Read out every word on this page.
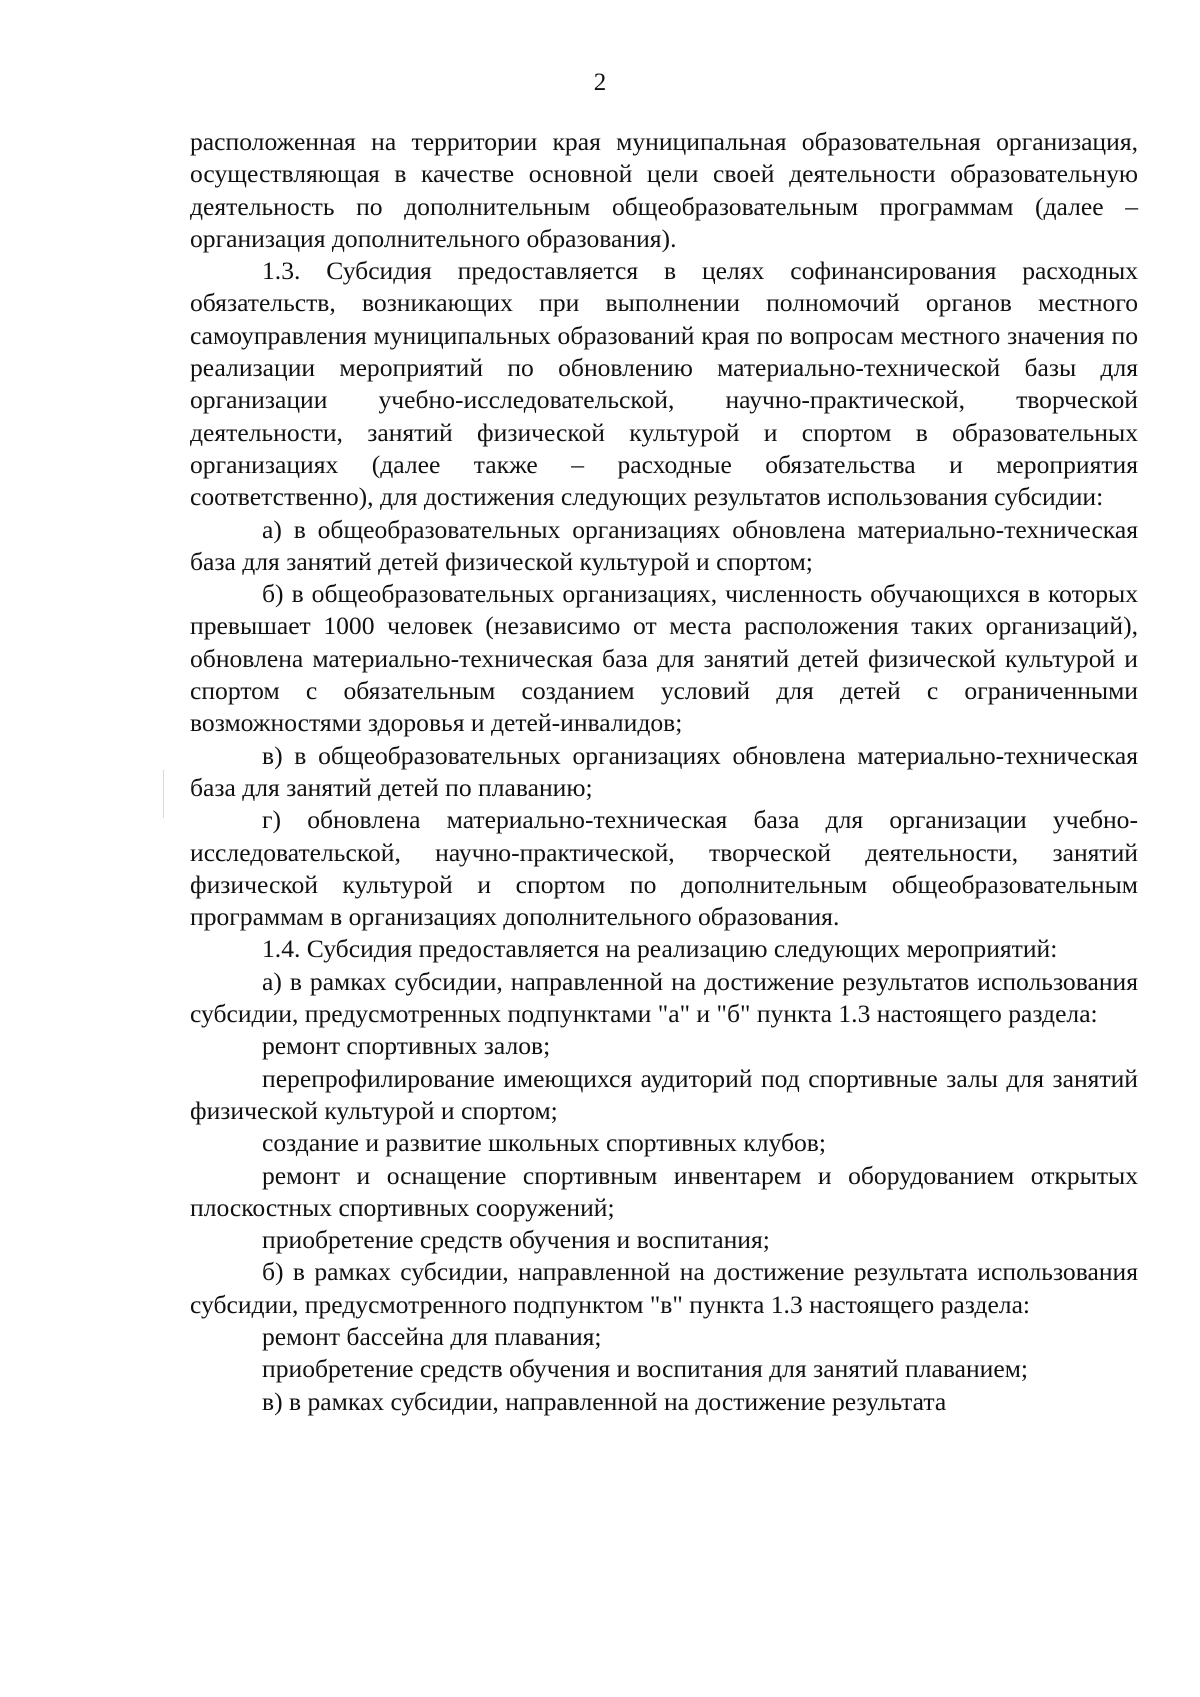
2

расположенная на территории края муниципальная образовательная организация, осуществляющая в качестве основной цели своей деятельности образовательную деятельность по дополнительным общеобразовательным программам (далее – организация дополнительного образования).

1.3. Субсидия предоставляется в целях софинансирования расходных обязательств, возникающих при выполнении полномочий органов местного самоуправления муниципальных образований края по вопросам местного значения по реализации мероприятий по обновлению материально-технической базы для организации учебно-исследовательской, научно-практической, творческой деятельности, занятий физической культурой и спортом в образовательных организациях (далее также – расходные обязательства и мероприятия соответственно), для достижения следующих результатов использования субсидии:

а) в общеобразовательных организациях обновлена материально-техническая база для занятий детей физической культурой и спортом;

б) в общеобразовательных организациях, численность обучающихся в которых превышает 1000 человек (независимо от места расположения таких организаций), обновлена материально-техническая база для занятий детей физической культурой и спортом с обязательным созданием условий для детей с ограниченными возможностями здоровья и детей-инвалидов;

в) в общеобразовательных организациях обновлена материально-техническая база для занятий детей по плаванию;

г) обновлена материально-техническая база для организации учебно-исследовательской, научно-практической, творческой деятельности, занятий физической культурой и спортом по дополнительным общеобразовательным программам в организациях дополнительного образования.

1.4. Субсидия предоставляется на реализацию следующих мероприятий:

а) в рамках субсидии, направленной на достижение результатов использования субсидии, предусмотренных подпунктами "а" и "б" пункта 1.3 настоящего раздела:

ремонт спортивных залов;

перепрофилирование имеющихся аудиторий под спортивные залы для занятий физической культурой и спортом;

создание и развитие школьных спортивных клубов;

ремонт и оснащение спортивным инвентарем и оборудованием открытых плоскостных спортивных сооружений;

приобретение средств обучения и воспитания;

б) в рамках субсидии, направленной на достижение результата использования субсидии, предусмотренного подпунктом "в" пункта 1.3 настоящего раздела:

ремонт бассейна для плавания;

приобретение средств обучения и воспитания для занятий плаванием;

в) в рамках субсидии, направленной на достижение результата
